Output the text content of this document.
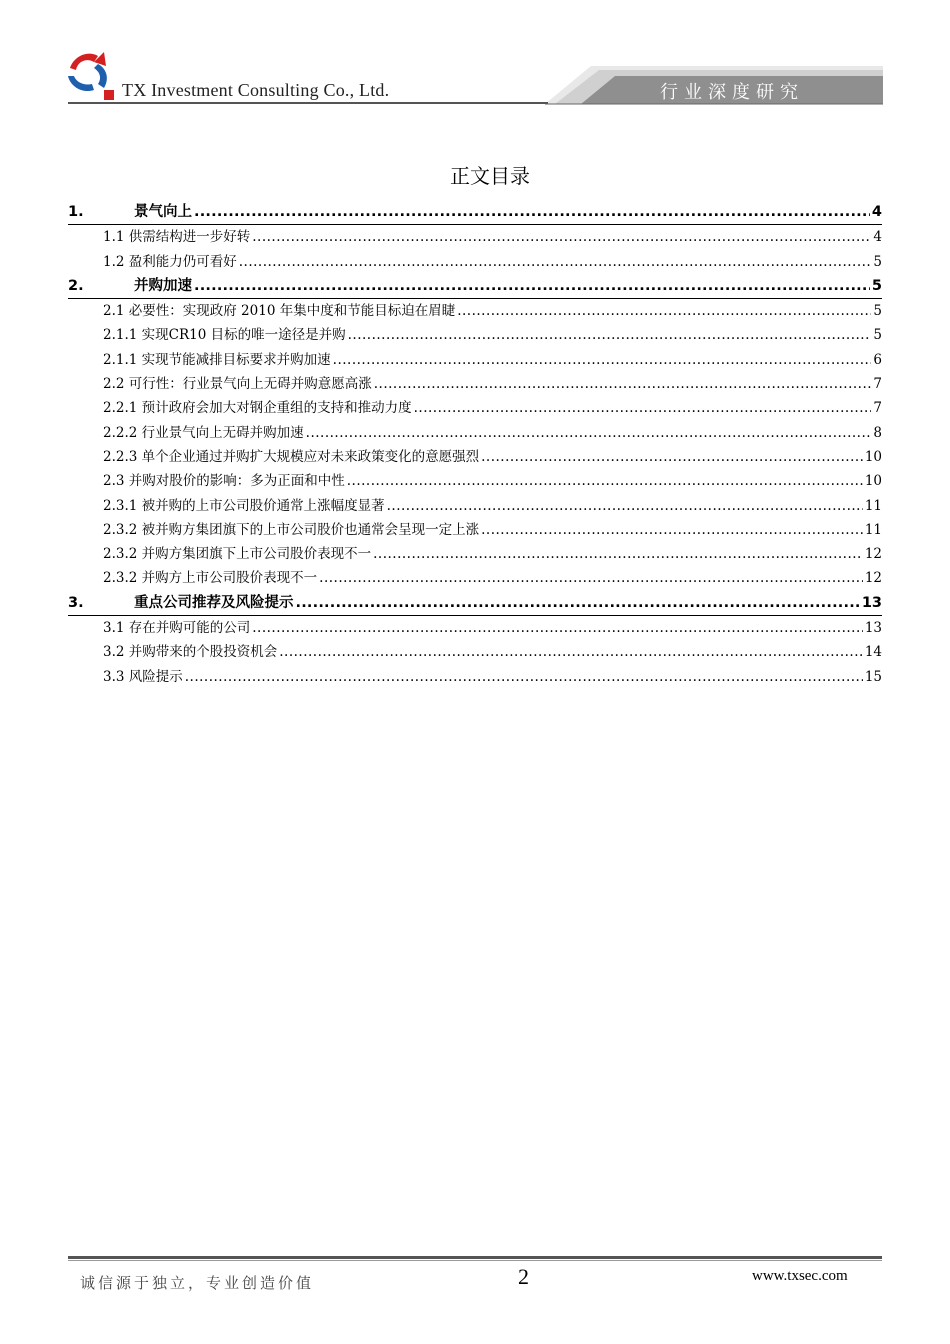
TX Investment Consulting Co., Ltd.	行业深度研究
正文目录
1.	景气向上 .....	4
1.1 供需结构进一步好转 .....	4
1.2 盈利能力仍可看好 .....	5
2.	并购加速 .....	5
2.1 必要性：实现政府 2010 年集中度和节能目标迫在眉睫 .....	5
2.1.1 实现CR10 目标的唯一途径是并购 .....	5
2.1.1 实现节能减排目标要求并购加速 .....	6
2.2 可行性：行业景气向上无碍并购意愿高涨 .....	7
2.2.1 预计政府会加大对钢企重组的支持和推动力度 .....	7
2.2.2 行业景气向上无碍并购加速 .....	8
2.2.3 单个企业通过并购扩大规模应对未来政策变化的意愿强烈 .....	10
2.3 并购对股价的影响：多为正面和中性 .....	10
2.3.1 被并购的上市公司股价通常上涨幅度显著 .....	11
2.3.2 被并购方集团旗下的上市公司股价也通常会呈现一定上涨 .....	11
2.3.2 并购方集团旗下上市公司股价表现不一 .....	12
2.3.2 并购方上市公司股价表现不一 .....	12
3.	重点公司推荐及风险提示 .....	13
3.1 存在并购可能的公司 .....	13
3.2 并购带来的个股投资机会 .....	14
3.3 风险提示 .....	15
诚信源于独立，专业创造价值	2	www.txsec.com
